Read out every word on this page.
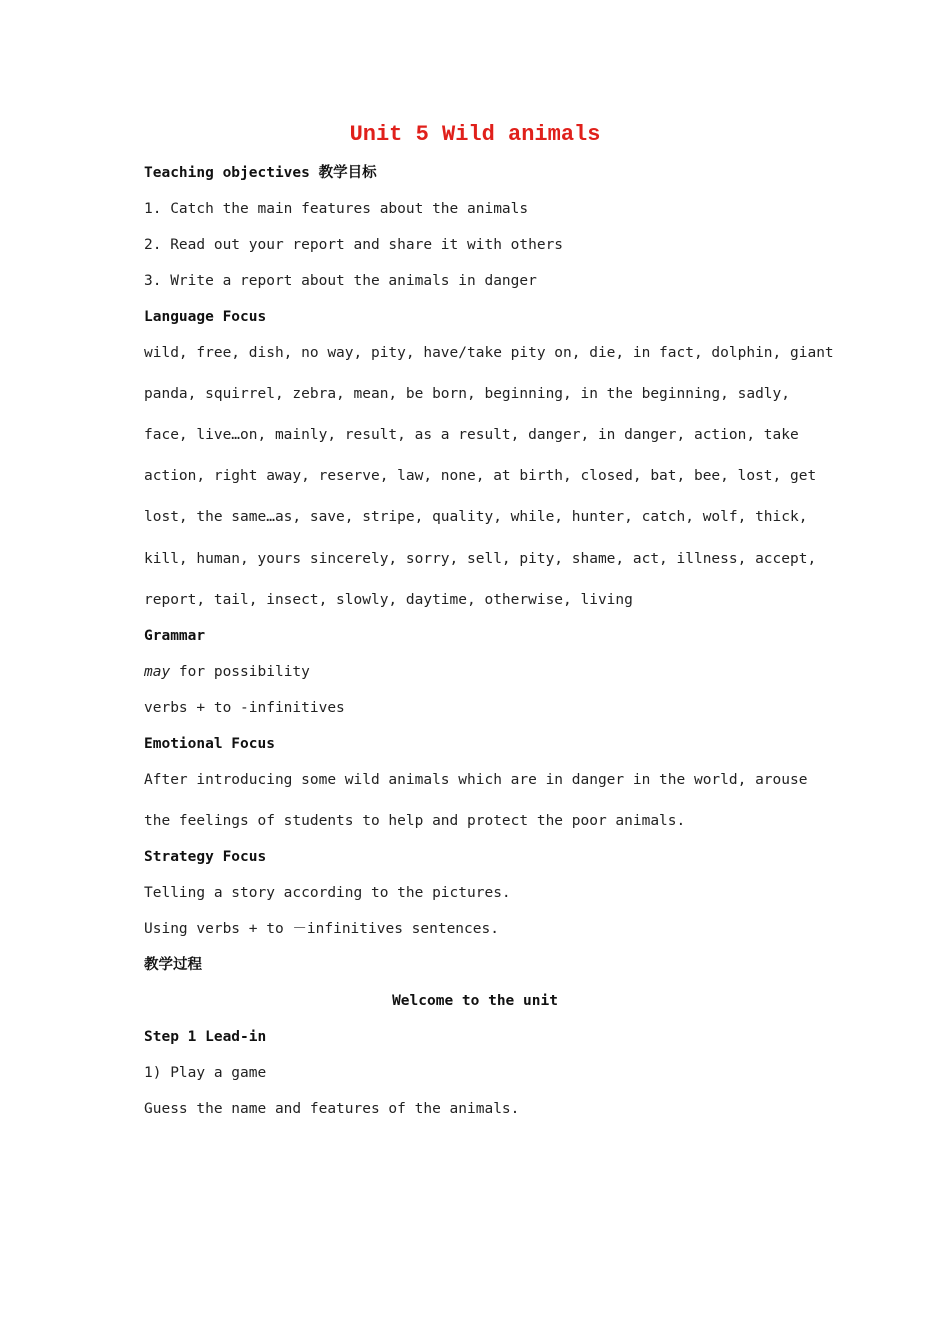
Unit 5 Wild animals

Teaching objectives 教学目标

1. Catch the main features about the animals

2. Read out your report and share it with others

3. Write a report about the animals in danger

Language Focus

wild, free, dish, no way, pity, have/take pity on, die, in fact, dolphin, giant

panda, squirrel, zebra, mean, be born, beginning, in the beginning, sadly,

face, live…on, mainly, result, as a result, danger, in danger, action, take

action, right away, reserve, law, none, at birth, closed, bat, bee, lost, get

lost, the same…as, save, stripe, quality, while, hunter, catch, wolf, thick,

kill, human, yours sincerely, sorry, sell, pity, shame, act, illness, accept,

report, tail, insect, slowly, daytime, otherwise, living

Grammar

may for possibility

verbs + to -infinitives

Emotional Focus

After introducing some wild animals which are in danger in the world, arouse

the feelings of students to help and protect the poor animals.

Strategy Focus

Telling a story according to the pictures.

Using verbs + to －infinitives sentences.

教学过程

Welcome to the unit

Step 1 Lead-in

1) Play a game

Guess the name and features of the animals.
